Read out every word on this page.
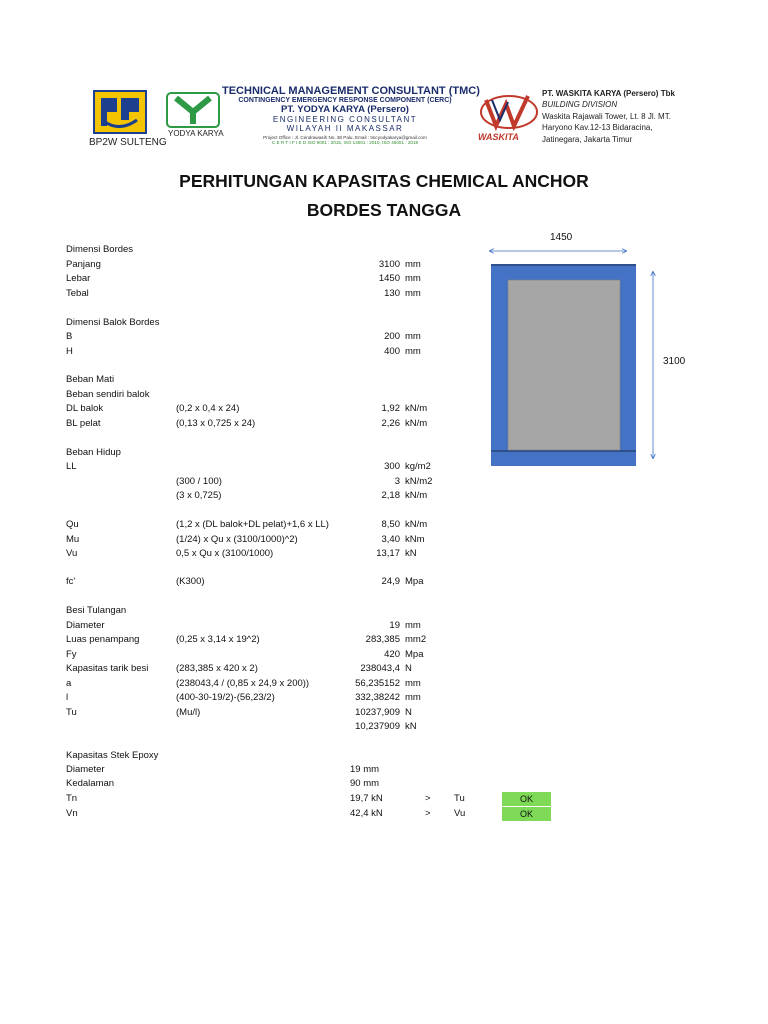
BP2W SULTENG
YODYA KARYA
TECHNICAL MANAGEMENT CONSULTANT (TMC)
CONTINGENCY EMERGENCY RESPONSE COMPONENT (CERC)
PT. YODYA KARYA (Persero)
ENGINEERING CONSULTANT
WILAYAH II MAKASSAR
Project Office : Jl. Cendrawasih No. 38 Palu, Email : tmcyodyakarya@gmail.com
C E R T I F I E D ISO 9001 : 2015, ISO 14001 : 2015, ISO 45001 : 2018
WASKITA
PT. WASKITA KARYA (Persero) Tbk
BUILDING DIVISION
Waskita Rajawali Tower, Lt. 8 Jl. MT.
Haryono Kav.12-13 Bidaracina,
Jatinegara, Jakarta Timur
PERHITUNGAN KAPASITAS CHEMICAL ANCHOR
BORDES TANGGA
Dimensi Bordes
Panjang	3100 mm
Lebar	1450 mm
Tebal	130 mm
Dimensi Balok Bordes
B	200 mm
H	400 mm
Beban Mati
Beban sendiri balok
DL balok	(0,2 x 0,4 x 24)	1,92 kN/m
BL pelat	(0,13 x 0,725 x 24)	2,26 kN/m
Beban Hidup
LL	300 kg/m2
(300 / 100)	3 kN/m2
(3 x 0,725)	2,18 kN/m
Qu	(1,2 x (DL balok+DL pelat)+1,6 x LL)	8,50 kN/m
Mu	(1/24) x Qu x (3100/1000)^2)	3,40 kNm
Vu	0,5 x Qu x (3100/1000)	13,17 kN
fc'	(K300)	24,9 Mpa
Besi Tulangan
Diameter	19 mm
Luas penampang	(0,25 x 3,14 x 19^2)	283,385 mm2
Fy	420 Mpa
Kapasitas tarik besi	(283,385 x 420 x 2)	238043,4 N
a	(238043,4 / (0,85 x 24,9 x 200))	56,235152 mm
l	(400-30-19/2)-(56,23/2)	332,38242 mm
Tu	(Mu/l)	10237,909 N
10,237909 kN
Kapasitas Stek Epoxy
Diameter	19 mm
Kedalaman	90 mm
Tn	19,7 kN	> Tu	OK
Vn	42,4 kN	> Vu	OK
1450
3100
